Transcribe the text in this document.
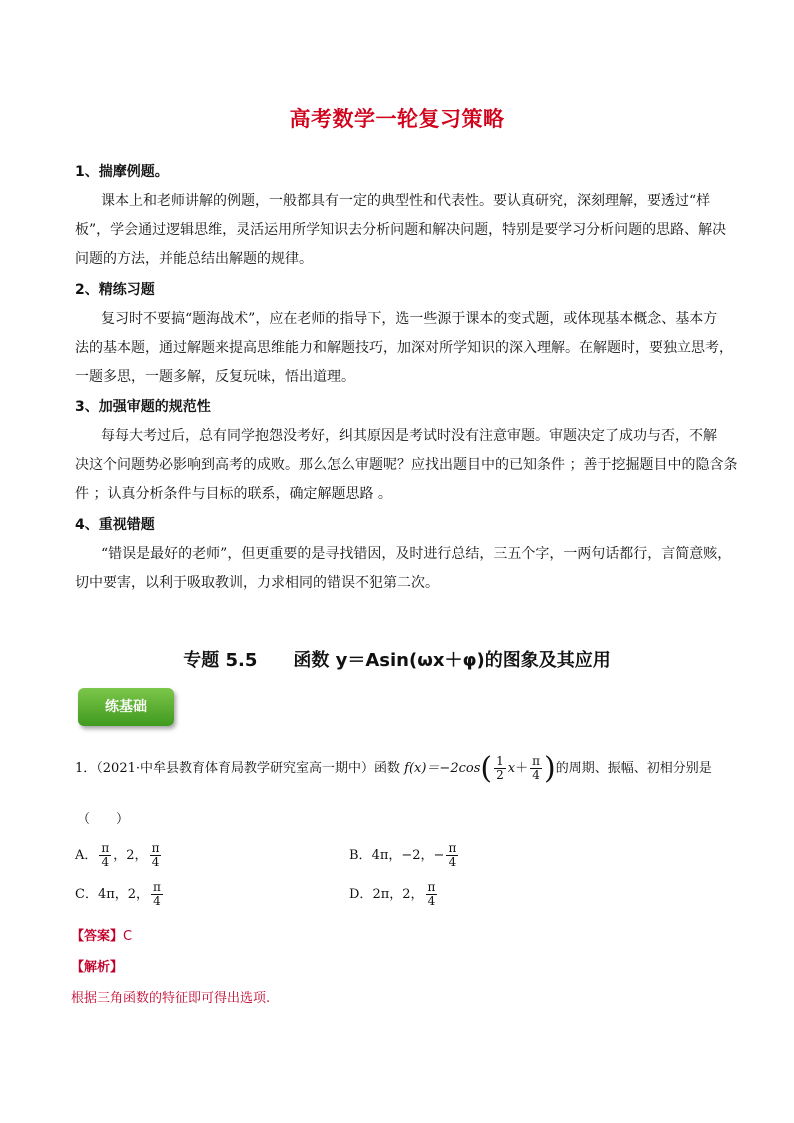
高考数学一轮复习策略
1、揣摩例题。
课本上和老师讲解的例题，一般都具有一定的典型性和代表性。要认真研究，深刻理解，要透过“样
板”，学会通过逻辑思维，灵活运用所学知识去分析问题和解决问题，特别是要学习分析问题的思路、解决
问题的方法，并能总结出解题的规律。
2、精练习题
复习时不要搞“题海战术”，应在老师的指导下，选一些源于课本的变式题，或体现基本概念、基本方
法的基本题，通过解题来提高思维能力和解题技巧，加深对所学知识的深入理解。在解题时，要独立思考，
一题多思，一题多解，反复玩味，悟出道理。
3、加强审题的规范性
每每大考过后，总有同学抱怨没考好，纠其原因是考试时没有注意审题。审题决定了成功与否，不解
决这个问题势必影响到高考的成败。那么怎么审题呢？应找出题目中的已知条件 ；善于挖掘题目中的隐含条
件 ；认真分析条件与目标的联系，确定解题思路 。
4、重视错题
“错误是最好的老师”，但更重要的是寻找错因，及时进行总结，三五个字，一两句话都行，言简意赅，
切中要害，以利于吸取教训，力求相同的错误不犯第二次。
专题 5.5　　函数 y＝Asin(ωx＋φ)的图象及其应用
练基础
1．（2021·中牟县教育体育局教学研究室高一期中）函数 $f(x)=-2\cos( \frac{1}{2} x+ \frac{\pi}{4}$ )的周期、振幅、初相分别是
（　　）
A． $\frac{\pi}{4}$ ，2， $\frac{\pi}{4}$	B．4π，−2，− $\frac{\pi}{4}$
C．4π，2， $\frac{\pi}{4}$	D．2π，2， $\frac{\pi}{4}$
【答案】C
【解析】
根据三角函数的特征即可得出选项.
